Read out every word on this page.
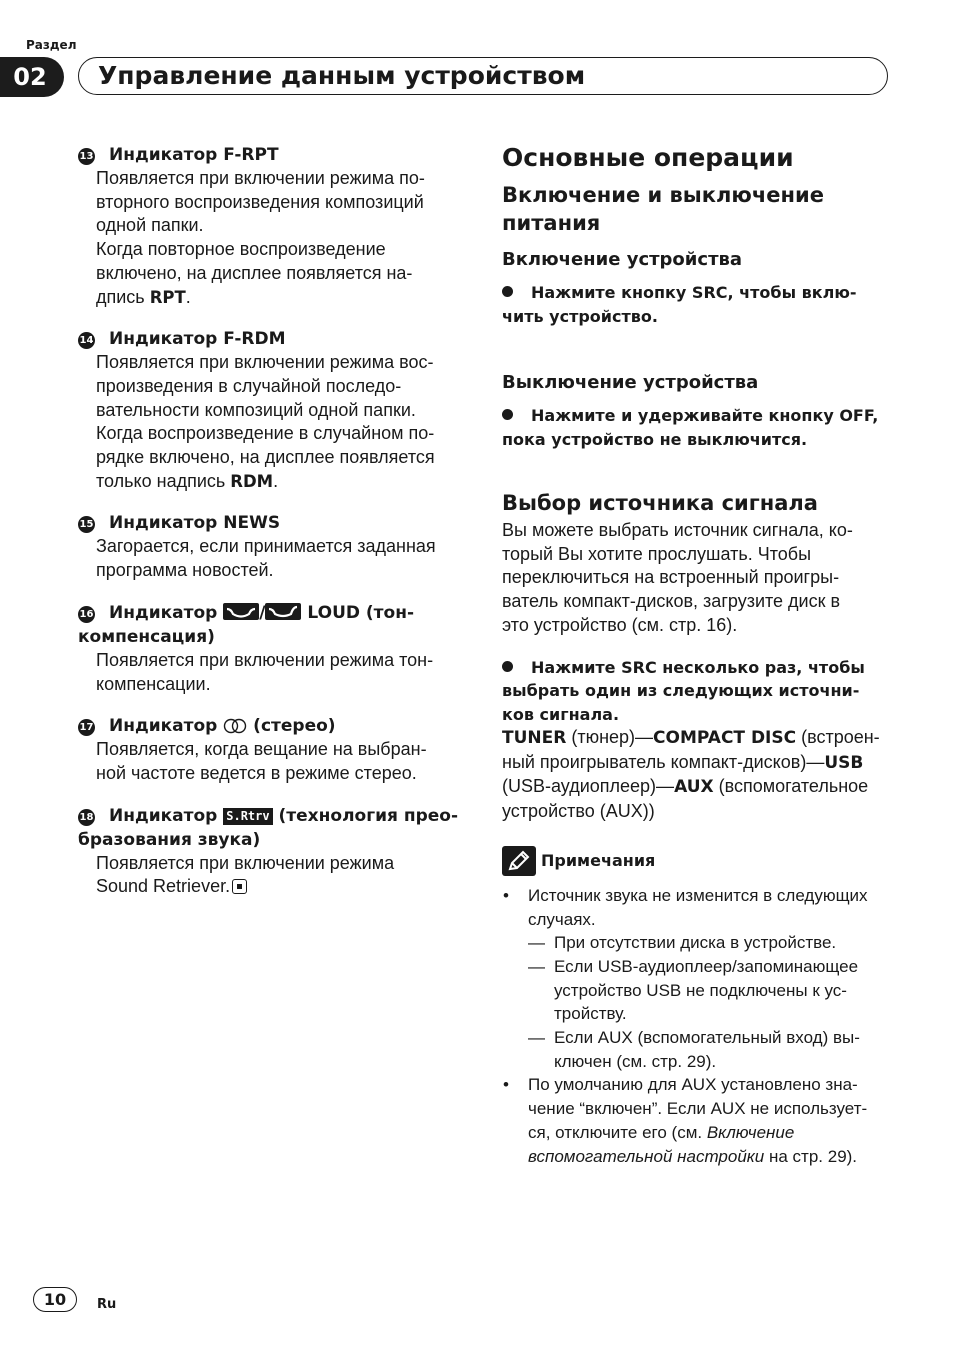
Раздел
02	Управление данным устройством
13 Индикатор F-RPT

Появляется при включении режима по-

вторного воспроизведения композиций

одной папки.

Когда повторное воспроизведение

включено, на дисплее появляется на-

дпись RPT.

14 Индикатор F-RDM

Появляется при включении режима вос-

произведения в случайной последо-

вательности композиций одной папки.

Когда воспроизведение в случайном по-

рядке включено, на дисплее появляется

только надпись RDM.

15 Индикатор NEWS

Загорается, если принимается заданная

программа новостей.

16 Индикатор
/
LOUD (тон-
компенсация)

Появляется при включении режима тон-

компенсации.

17 Индикатор  (стерео)

Появляется, когда вещание на выбран-

ной частоте ведется в режиме стерео.

18 Индикатор S.Rtrv (технология прео-
бразования звука)

Появляется при включении режима

Sound Retriever.

Основные операции
Включение и выключение
питания
Включение устройства
Нажмите кнопку SRC, чтобы вклю-
чить устройство.
Выключение устройства
Нажмите и удерживайте кнопку OFF,
пока устройство не выключится.
Выбор источника сигнала
Вы можете выбрать источник сигнала, ко-
торый Вы хотите прослушать. Чтобы
переключиться на встроенный проигры-
ватель компакт-дисков, загрузите диск в
это устройство (см. стр. 16).
Нажмите SRC несколько раз, чтобы
выбрать один из следующих источни-
ков сигнала.
TUNER (тюнер)—COMPACT DISC (встроен-
ный проигрыватель компакт-дисков)—USB
(USB-аудиоплеер)—AUX (вспомогательное
устройство (AUX))
Примечания
• Источник звука не изменится в следующих
случаях.
— При отсутствии диска в устройстве.
— Если USB-аудиоплеер/запоминающее
устройство USB не подключены к ус-
тройству.
— Если AUX (вспомогательный вход) вы-
ключен (см. стр. 29).
• По умолчанию для AUX установлено зна-
чение “включен”. Если AUX не использует-
ся, отключите его (см. Включение
вспомогательной настройки на стр. 29).
10	Ru
